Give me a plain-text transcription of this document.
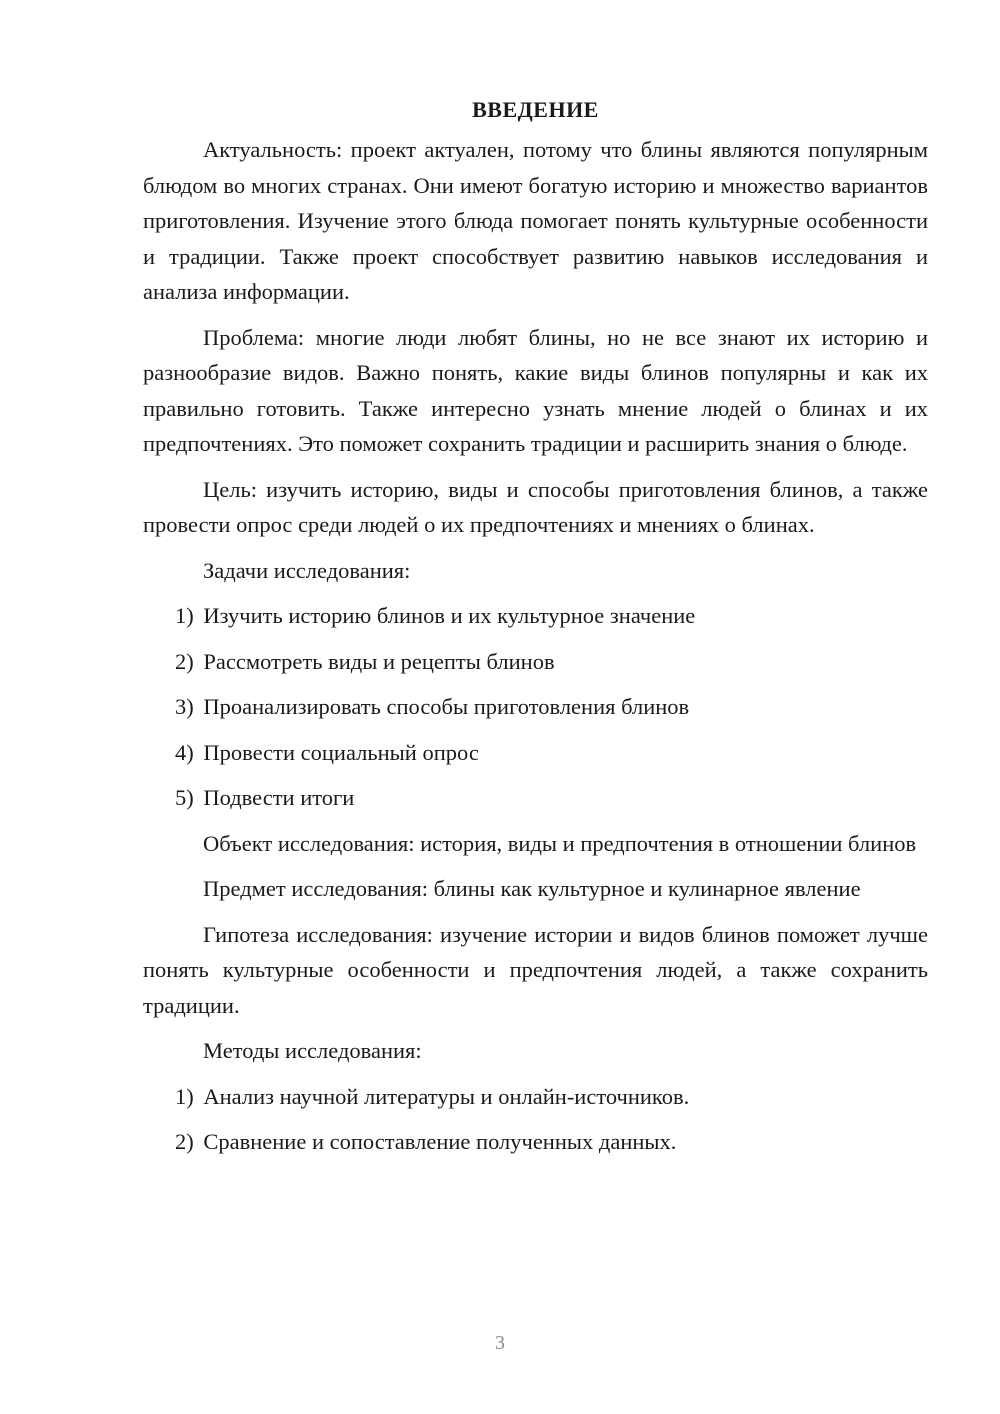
ВВЕДЕНИЕ

Актуальность: проект актуален, потому что блины являются популярным блюдом во многих странах. Они имеют богатую историю и множество вариантов приготовления. Изучение этого блюда помогает понять культурные особенности и традиции. Также проект способствует развитию навыков исследования и анализа информации.

Проблема: многие люди любят блины, но не все знают их историю и разнообразие видов. Важно понять, какие виды блинов популярны и как их правильно готовить. Также интересно узнать мнение людей о блинах и их предпочтениях. Это поможет сохранить традиции и расширить знания о блюде.

Цель: изучить историю, виды и способы приготовления блинов, а также провести опрос среди людей о их предпочтениях и мнениях о блинах.

Задачи исследования:
1) Изучить историю блинов и их культурное значение
2) Рассмотреть виды и рецепты блинов
3) Проанализировать способы приготовления блинов
4) Провести социальный опрос
5) Подвести итоги

Объект исследования: история, виды и предпочтения в отношении блинов

Предмет исследования: блины как культурное и кулинарное явление

Гипотеза исследования: изучение истории и видов блинов поможет лучше понять культурные особенности и предпочтения людей, а также сохранить традиции.

Методы исследования:
1) Анализ научной литературы и онлайн-источников.
2) Сравнение и сопоставление полученных данных.
3
